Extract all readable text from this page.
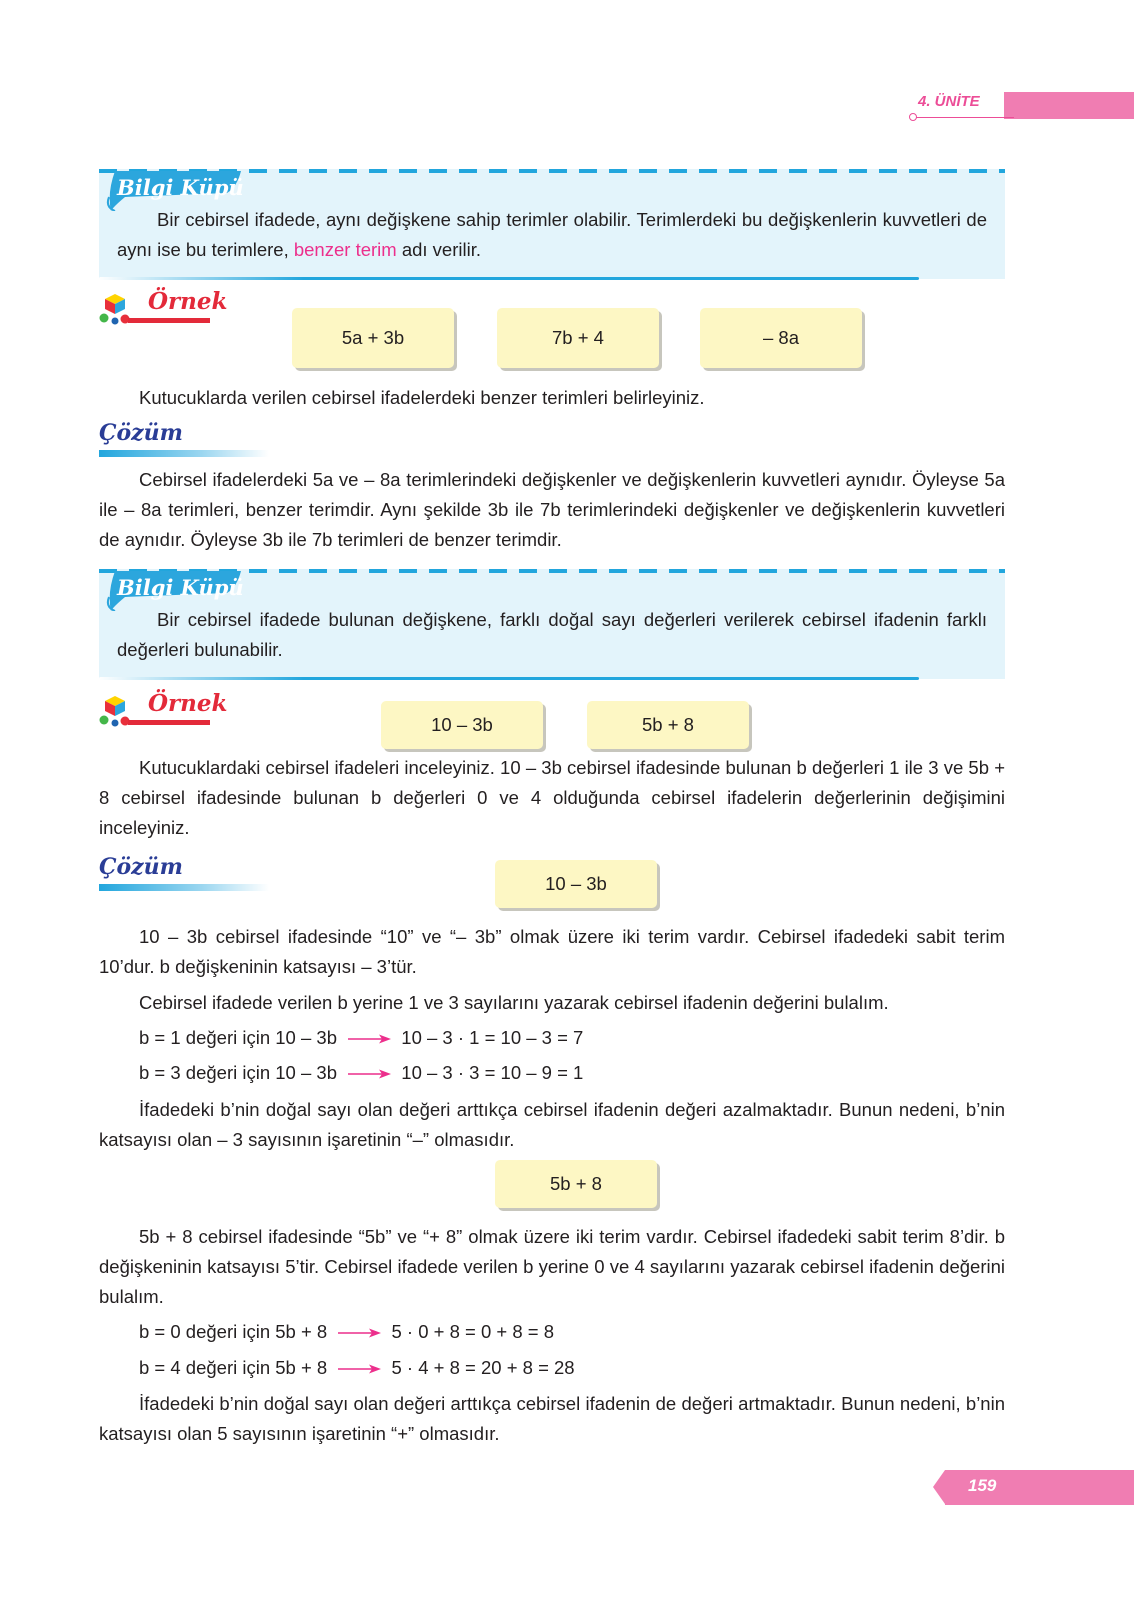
4. ÜNİTE
Bilgi Küpü
Bir cebirsel ifadede, aynı değişkene sahip terimler olabilir. Terimlerdeki bu değişkenlerin kuvvetleri de aynı ise bu terimlere, benzer terim adı verilir.
Örnek
5a + 3b	7b + 4	– 8a
Kutucuklarda verilen cebirsel ifadelerdeki benzer terimleri belirleyiniz.
Çözüm
Cebirsel ifadelerdeki 5a ve – 8a terimlerindeki değişkenler ve değişkenlerin kuvvetleri aynıdır. Öyleyse 5a ile – 8a terimleri, benzer terimdir. Aynı şekilde 3b ile 7b terimlerindeki değişkenler ve değişkenlerin kuvvetleri de aynıdır. Öyleyse 3b ile 7b terimleri de benzer terimdir.
Bilgi Küpü
Bir cebirsel ifadede bulunan değişkene, farklı doğal sayı değerleri verilerek cebirsel ifadenin farklı değerleri bulunabilir.
Örnek
10 – 3b	5b + 8
Kutucuklardaki cebirsel ifadeleri inceleyiniz. 10 – 3b cebirsel ifadesinde bulunan b değerleri 1 ile 3 ve 5b + 8 cebirsel ifadesinde bulunan b değerleri 0 ve 4 olduğunda cebirsel ifadelerin değerlerinin değişimini inceleyiniz.
Çözüm
10 – 3b
10 – 3b cebirsel ifadesinde “10” ve “– 3b” olmak üzere iki terim vardır. Cebirsel ifadedeki sabit terim 10’dur. b değişkeninin katsayısı – 3’tür.
Cebirsel ifadede verilen b yerine 1 ve 3 sayılarını yazarak cebirsel ifadenin değerini bulalım.
b = 1 değeri için 10 – 3b	10 – 3 · 1 = 10 – 3 = 7
b = 3 değeri için 10 – 3b	10 – 3 · 3 = 10 – 9 = 1
İfadedeki b’nin doğal sayı olan değeri arttıkça cebirsel ifadenin değeri azalmaktadır. Bunun nedeni, b’nin katsayısı olan – 3 sayısının işaretinin “–” olmasıdır.
5b + 8
5b + 8 cebirsel ifadesinde “5b” ve “+ 8” olmak üzere iki terim vardır. Cebirsel ifadedeki sabit terim 8’dir. b değişkeninin katsayısı 5’tir. Cebirsel ifadede verilen b yerine 0 ve 4 sayılarını yazarak cebirsel ifadenin değerini bulalım.
b = 0 değeri için 5b + 8	5 · 0 + 8 = 0 + 8 = 8
b = 4 değeri için 5b + 8	5 · 4 + 8 = 20 + 8 = 28
İfadedeki b’nin doğal sayı olan değeri arttıkça cebirsel ifadenin de değeri artmaktadır. Bunun nedeni, b’nin katsayısı olan 5 sayısının işaretinin “+” olmasıdır.
159
